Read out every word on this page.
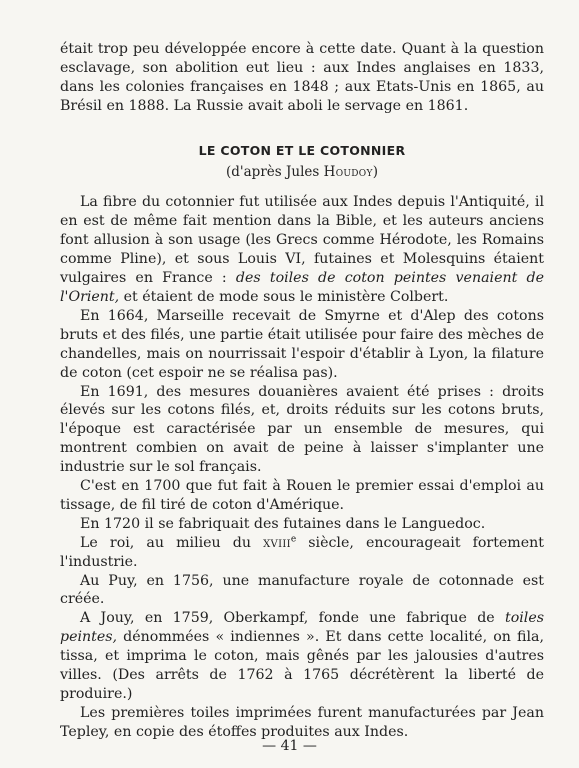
était trop peu développée encore à cette date. Quant à la question esclavage, son abolition eut lieu : aux Indes anglaises en 1833, dans les colonies françaises en 1848 ; aux Etats-Unis en 1865, au Brésil en 1888. La Russie avait aboli le servage en 1861.

LE COTON ET LE COTONNIER
(d'après Jules Houdoy)

La fibre du cotonnier fut utilisée aux Indes depuis l'Antiquité, il en est de même fait mention dans la Bible, et les auteurs anciens font allusion à son usage (les Grecs comme Hérodote, les Romains comme Pline), et sous Louis VI, futaines et Molesquins étaient vulgaires en France : des toiles de coton peintes venaient de l'Orient, et étaient de mode sous le ministère Colbert.

En 1664, Marseille recevait de Smyrne et d'Alep des cotons bruts et des filés, une partie était utilisée pour faire des mèches de chandelles, mais on nourrissait l'espoir d'établir à Lyon, la filature de coton (cet espoir ne se réalisa pas).

En 1691, des mesures douanières avaient été prises : droits élevés sur les cotons filés, et, droits réduits sur les cotons bruts, l'époque est caractérisée par un ensemble de mesures, qui montrent combien on avait de peine à laisser s'implanter une industrie sur le sol français.

C'est en 1700 que fut fait à Rouen le premier essai d'emploi au tissage, de fil tiré de coton d'Amérique.

En 1720 il se fabriquait des futaines dans le Languedoc.

Le roi, au milieu du xviii$^e$ siècle, encourageait fortement l'industrie.

Au Puy, en 1756, une manufacture royale de cotonnade est créée.

A Jouy, en 1759, Oberkampf, fonde une fabrique de toiles peintes, dénommées « indiennes ». Et dans cette localité, on fila, tissa, et imprima le coton, mais gênés par les jalousies d'autres villes. (Des arrêts de 1762 à 1765 décrétèrent la liberté de produire.)

Les premières toiles imprimées furent manufacturées par Jean Tepley, en copie des étoffes produites aux Indes.

— 41 —
